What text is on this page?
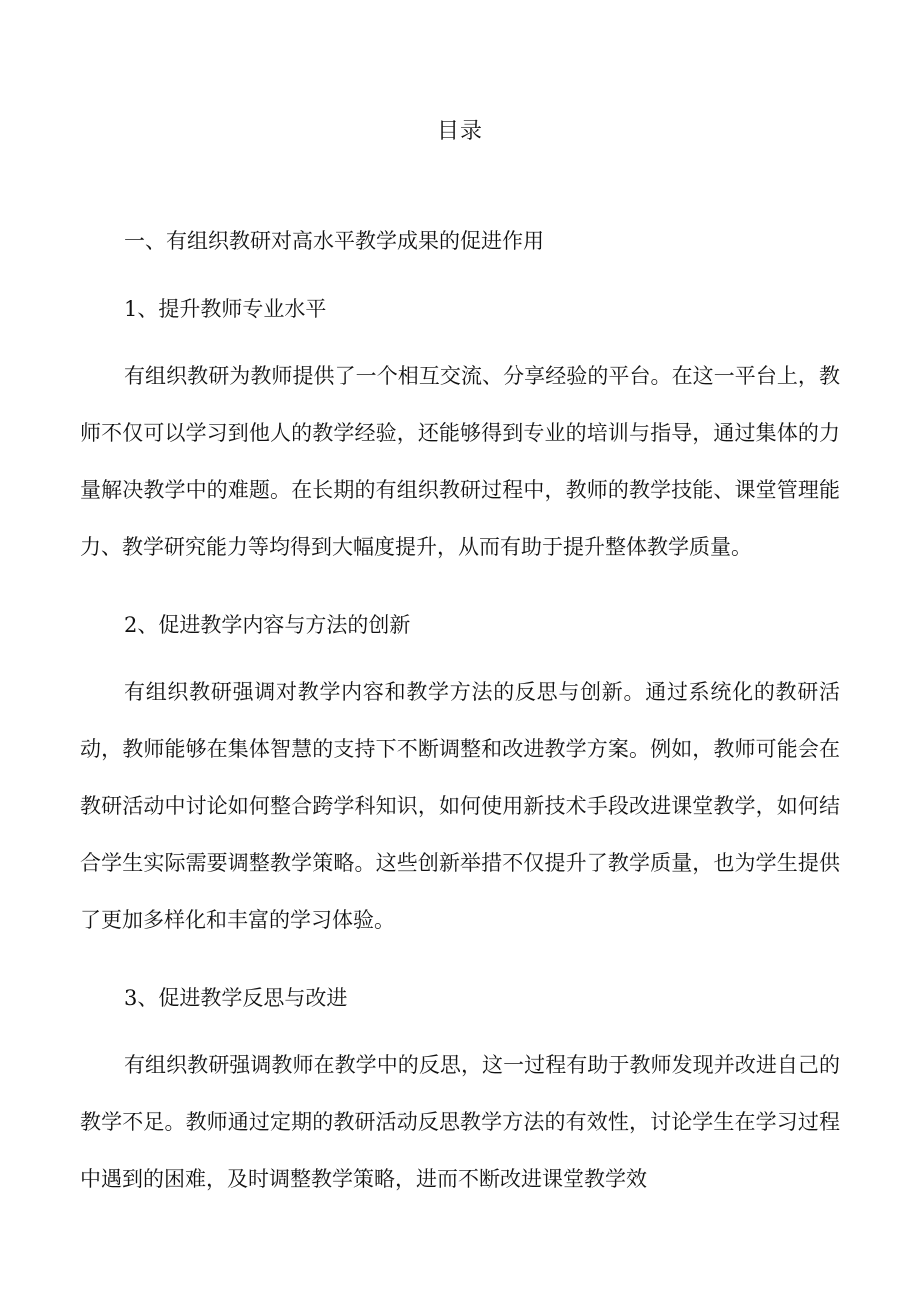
目录
一、有组织教研对高水平教学成果的促进作用
1、提升教师专业水平

有组织教研为教师提供了一个相互交流、分享经验的平台。在这一平台上，教师不仅可以学习到他人的教学经验，还能够得到专业的培训与指导，通过集体的力量解决教学中的难题。在长期的有组织教研过程中，教师的教学技能、课堂管理能力、教学研究能力等均得到大幅度提升，从而有助于提升整体教学质量。

2、促进教学内容与方法的创新

有组织教研强调对教学内容和教学方法的反思与创新。通过系统化的教研活动，教师能够在集体智慧的支持下不断调整和改进教学方案。例如，教师可能会在教研活动中讨论如何整合跨学科知识，如何使用新技术手段改进课堂教学，如何结合学生实际需要调整教学策略。这些创新举措不仅提升了教学质量，也为学生提供了更加多样化和丰富的学习体验。

3、促进教学反思与改进

有组织教研强调教师在教学中的反思，这一过程有助于教师发现并改进自己的教学不足。教师通过定期的教研活动反思教学方法的有效性，讨论学生在学习过程中遇到的困难，及时调整教学策略，进而不断改进课堂教学效
